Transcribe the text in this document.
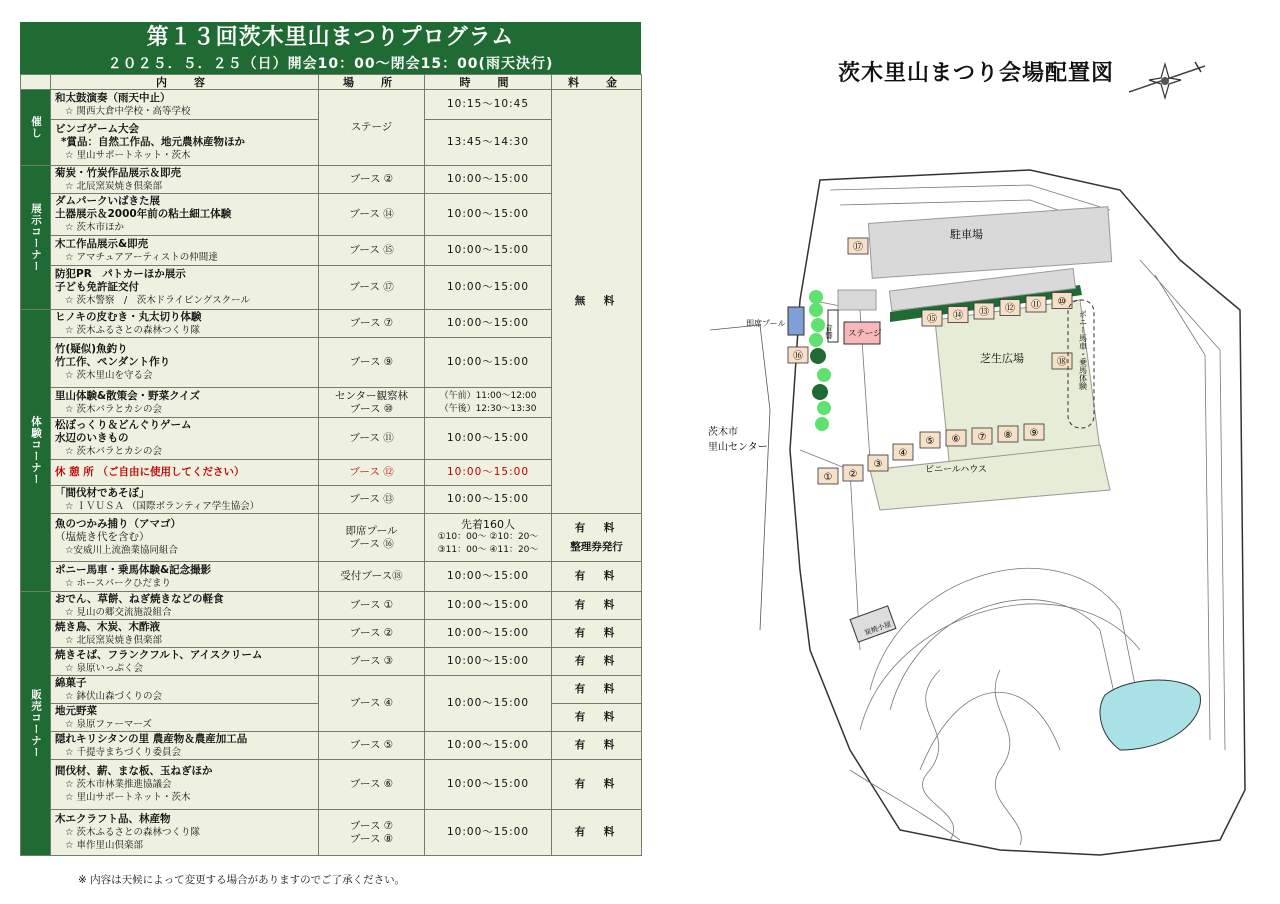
第１３回茨木里山まつりプログラム
２０２５．５．２５（日）開会10：00〜閉会15：00(雨天決行)
	内　容	場　所	時　間	料　金
催し	和太鼓演奏（雨天中止）
☆ 関西大倉中学校・高等学校	ステージ	10:15〜10:45	無　料

	ビンゴゲーム大会
*賞品：自然工作品、地元農林産物ほか
☆ 里山サポートネット・茨木		13:45〜14:30	
展示コーナー	菊炭・竹炭作品展示＆即売
☆ 北辰窯炭焼き倶楽部	ブース ②	10:00〜15:00	

	ダムパークいばきた展
土器展示＆2000年前の粘土細工体験
☆ 茨木市ほか	ブース ⑭	10:00〜15:00	

	木工作品展示&即売
☆ アマチュアアーティストの仲間達	ブース ⑮	10:00〜15:00	

	防犯PR　パトカーほか展示
子ども免許証交付
☆ 茨木警察　/　茨木ドライビングスクール	ブース ⑰	10:00〜15:00	
体験コーナー	ヒノキの皮むき・丸太切り体験
☆ 茨木ふるさとの森林つくり隊	ブース ⑦	10:00〜15:00	

	竹(疑似)魚釣り
竹工作、ペンダント作り
☆ 茨木里山を守る会	ブース ⑨	10:00〜15:00	

	里山体験&散策会・野菜クイズ
☆ 茨木バラとカシの会	センター観察林
ブース ⑩	（午前）11:00〜12:00
（午後）12:30〜13:30	

	松ぼっくり＆どんぐりゲーム
水辺のいきもの
☆ 茨木バラとカシの会	ブース ⑪	10:00〜15:00	

	休 憩 所 （ご自由に使用してください）	ブース ⑫	10:00〜15:00	

	「間伐材であそぼ」
☆ ＩＶＵＳＡ （国際ボランティア学生協会）	ブース ⑬	10:00〜15:00	

	魚のつかみ捕り（アマゴ）
（塩焼き代を含む）
☆安威川上流漁業協同組合	即席プール
ブース ⑯	先着160人
①10：00〜 ②10：20〜
③11：00〜 ④11：20〜	有　料
整理券発行

	ポニー馬車・乗馬体験&記念撮影
☆ ホースパークひだまり	受付ブース⑱	10:00〜15:00	有　料
販売コーナー	おでん、草餅、ねぎ焼きなどの軽食
☆ 見山の郷交流施設組合	ブース ①	10:00〜15:00	有　料

	焼き鳥、木炭、木酢液
☆ 北辰窯炭焼き倶楽部	ブース ②	10:00〜15:00	有　料

	焼きそば、フランクフルト、アイスクリーム
☆ 泉原いっぷく会	ブース ③	10:00〜15:00	有　料

	綿菓子
☆ 鉢伏山森づくりの会	ブース ④	10:00〜15:00	有　料

	地元野菜
☆ 泉原ファーマーズ			有　料

	隠れキリシタンの里 農産物＆農産加工品
☆ 千提寺まちづくり委員会	ブース ⑤	10:00〜15:00	有　料

	間伐材、薪、まな板、玉ねぎほか
☆ 茨木市林業推進協議会
☆ 里山サポートネット・茨木	ブース ⑥	10:00〜15:00	有　料

	木エクラフト品、林産物
☆ 茨木ふるさとの森林つくり隊
☆ 車作里山倶楽部	ブース ⑦
ブース ⑧	10:00〜15:00	有　料
※ 内容は天候によって変更する場合がありますのでご了承ください。
茨木里山まつり会場配置図
駐車場
芝生広場
ビニールハウス
⑮ ⑭ ⑬ ⑫ ⑪ ⑩
① ②
③
④
⑤ ⑥ ⑦ ⑧ ⑨
即席プール
ステージ
音響
⑯
⑰
⑱ ポニー馬車・乗馬体験
茨木市
里山センター
炭焼小屋
